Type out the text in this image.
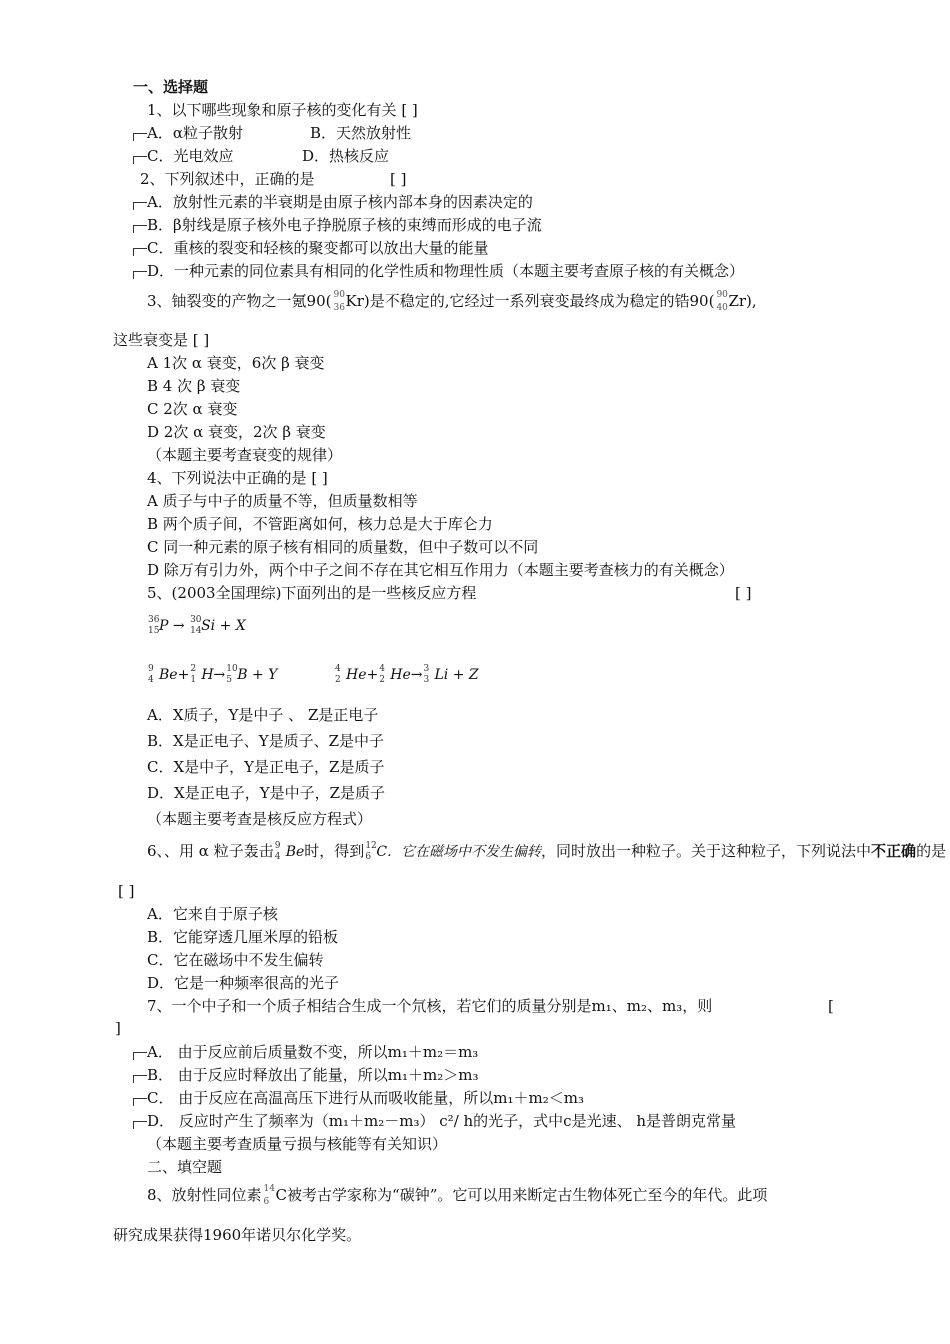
一、选择题
1、以下哪些现象和原子核的变化有关 [ ]
A．α粒子散射	B．天然放射性
C．光电效应	D．热核反应
2、下列叙述中，正确的是	[ ]
A．放射性元素的半衰期是由原子核内部本身的因素决定的
B．β射线是原子核外电子挣脱原子核的束缚而形成的电子流
C．重核的裂变和轻核的聚变都可以放出大量的能量
D．一种元素的同位素具有相同的化学性质和物理性质（本题主要考查原子核的有关概念）
3、铀裂变的产物之一氪90( 90
36 Kr)是不稳定的,它经过一系列衰变最终成为稳定的锆90( 90
40 Zr),
这些衰变是 [ ]
A 1次 α 衰变，6次 β 衰变
B 4 次 β 衰变
C 2次 α 衰变
D 2次 α 衰变，2次 β 衰变
（本题主要考查衰变的规律）
4、下列说法中正确的是 [ ]
A 质子与中子的质量不等，但质量数相等
B 两个质子间，不管距离如何，核力总是大于库仑力
C 同一种元素的原子核有相同的质量数，但中子数可以不同
D 除万有引力外，两个中子之间不存在其它相互作用力（本题主要考查核力的有关概念）
5、(2003全国理综)下面列出的是一些核反应方程	[ ]
36
15 P → 30
14 Si + X
9
4 Be+ 2
1 H→ 10
5 B + Y	4
2 He+ 4
2 He→ 3
3 Li + Z
A．X质子，Y是中子 、 Z是正电子
B．X是正电子、Y是质子、Z是中子
C．X是中子，Y是正电子，Z是质子
D．X是正电子，Y是中子，Z是质子
（本题主要考查是核反应方程式）
6、、用 α 粒子轰击 9
4 Be时，得到 12
6 C．它在磁场中不发生偏转，同时放出一种粒子。关于这种粒子，下列说法中不正确的是
[ ]
A．它来自于原子核
B．它能穿透几厘米厚的铅板
C．它在磁场中不发生偏转
D．它是一种频率很高的光子
7、一个中子和一个质子相结合生成一个氘核，若它们的质量分别是m₁、m₂、m₃，则	[
]
A． 由于反应前后质量数不变，所以m₁＋m₂＝m₃
B． 由于反应时释放出了能量，所以m₁＋m₂＞m₃
C． 由于反应在高温高压下进行从而吸收能量，所以m₁＋m₂＜m₃
D． 反应时产生了频率为（m₁＋m₂－m₃） c²/ h的光子，式中c是光速、 h是普朗克常量
（本题主要考查质量亏损与核能等有关知识）
二、填空题
8、放射性同位素 14
6 C被考古学家称为“碳钟”。它可以用来断定古生物体死亡至今的年代。此项
研究成果获得1960年诺贝尔化学奖。
